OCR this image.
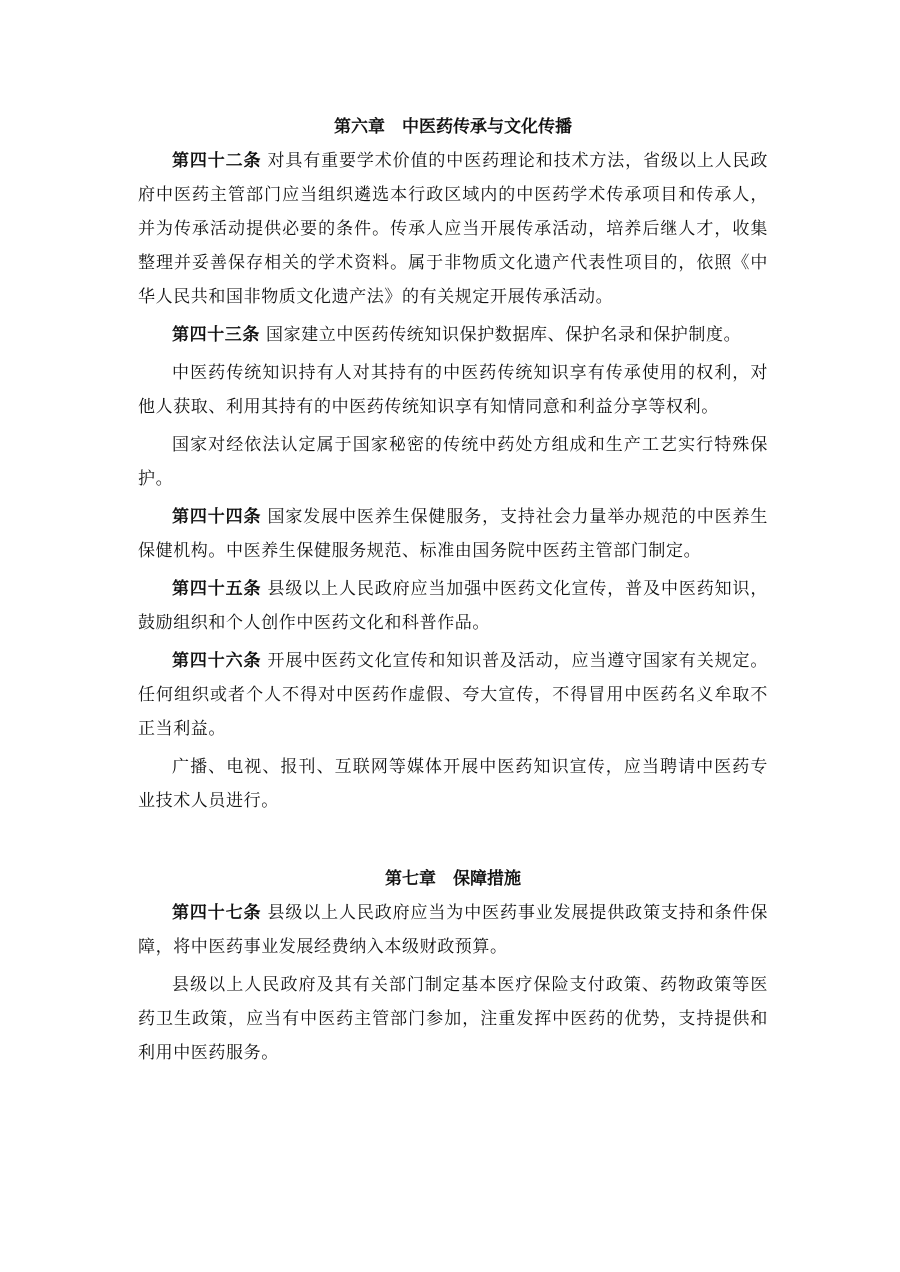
第六章　中医药传承与文化传播

第四十二条 对具有重要学术价值的中医药理论和技术方法，省级以上人民政府中医药主管部门应当组织遴选本行政区域内的中医药学术传承项目和传承人，并为传承活动提供必要的条件。传承人应当开展传承活动，培养后继人才，收集整理并妥善保存相关的学术资料。属于非物质文化遗产代表性项目的，依照《中华人民共和国非物质文化遗产法》的有关规定开展传承活动。

第四十三条 国家建立中医药传统知识保护数据库、保护名录和保护制度。

中医药传统知识持有人对其持有的中医药传统知识享有传承使用的权利，对他人获取、利用其持有的中医药传统知识享有知情同意和利益分享等权利。

国家对经依法认定属于国家秘密的传统中药处方组成和生产工艺实行特殊保护。

第四十四条 国家发展中医养生保健服务，支持社会力量举办规范的中医养生保健机构。中医养生保健服务规范、标准由国务院中医药主管部门制定。

第四十五条 县级以上人民政府应当加强中医药文化宣传，普及中医药知识，鼓励组织和个人创作中医药文化和科普作品。

第四十六条 开展中医药文化宣传和知识普及活动，应当遵守国家有关规定。任何组织或者个人不得对中医药作虚假、夸大宣传，不得冒用中医药名义牟取不正当利益。

广播、电视、报刊、互联网等媒体开展中医药知识宣传，应当聘请中医药专业技术人员进行。

第七章　保障措施

第四十七条 县级以上人民政府应当为中医药事业发展提供政策支持和条件保障，将中医药事业发展经费纳入本级财政预算。

县级以上人民政府及其有关部门制定基本医疗保险支付政策、药物政策等医药卫生政策，应当有中医药主管部门参加，注重发挥中医药的优势，支持提供和利用中医药服务。
